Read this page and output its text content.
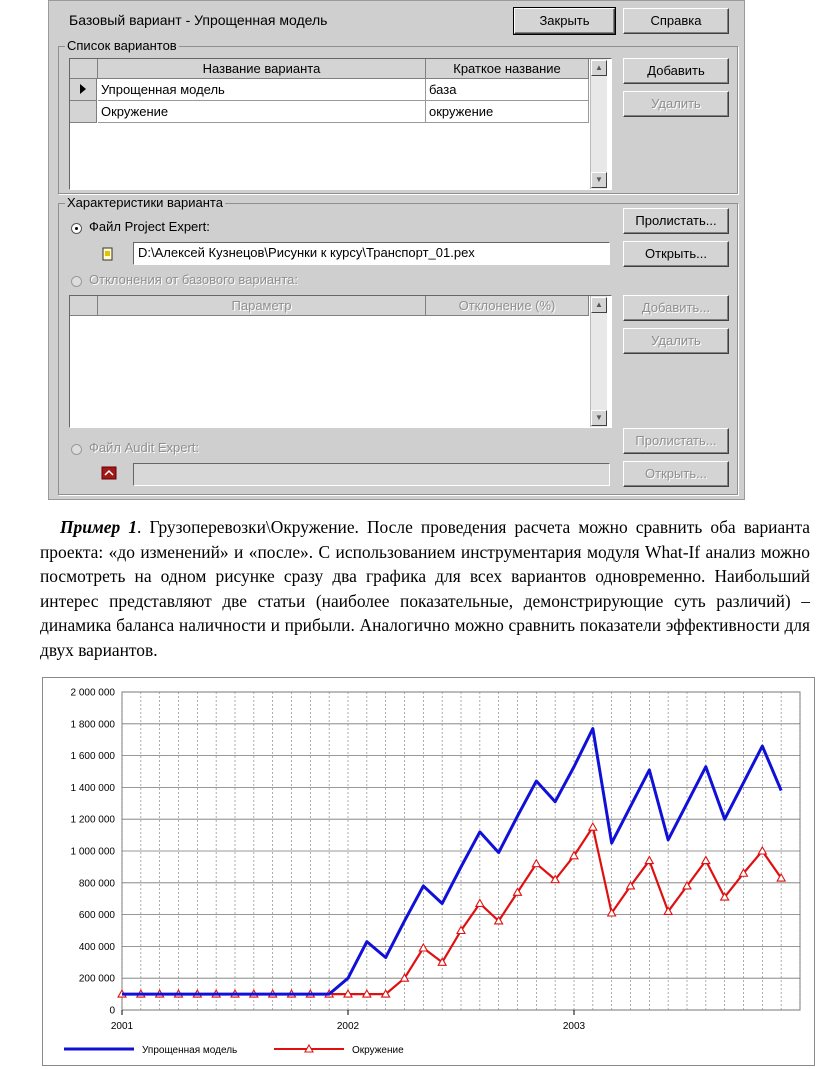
Базовый вариант - Упрощенная модель	Закрыть	Справка
Список вариантов
Название варианта	Краткое название
Упрощенная модель	база
Окружение	окружение
▲
▼
Добавить
Удалить
Характеристики варианта
Файл Project Expert:
D:\Алексей Кузнецов\Рисунки к курсу\Транспорт_01.pex
Пролистать...
Открыть...
Отклонения от базового варианта:
Параметр	Отклонение (%)	▲
▼
Добавить...
Удалить
Файл Audit Expert:	Пролистать...
Открыть...
Пример 1. Грузоперевозки\Окружение. После проведения расчета можно сравнить оба варианта проекта: «до изменений» и «после». С использованием инструментария модуля What-If анализ можно посмотреть на одном рисунке сразу два графика для всех вариантов одновременно. Наибольший интерес представляют две статьи (наиболее показательные, демонстрирующие суть различий) – динамика баланса наличности и прибыли. Аналогично можно сравнить показатели эффективности для двух вариантов.
2 000 000
1 800 000
1 600 000
1 400 000
1 200 000
1 000 000
800 000
600 000
400 000
200 000
0
2001	2002	2003
Упрощенная модель	Окружение
